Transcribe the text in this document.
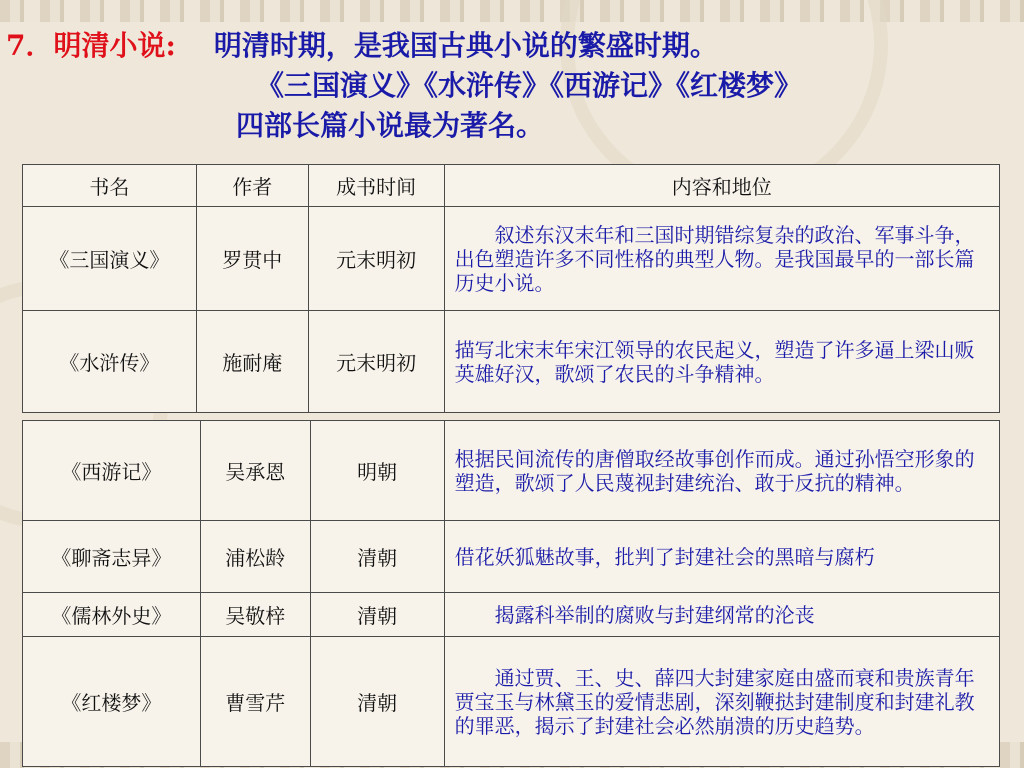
7．明清小说: 明清时期，是我国古典小说的繁盛时期。
《三国演义》《水浒传》《西游记》《红楼梦》
四部长篇小说最为著名。
书名	作者	成书时间	内容和地位
《三国演义》	罗贯中	元末明初	叙述东汉末年和三国时期错综复杂的政治、军事斗争，出色塑造许多不同性格的典型人物。是我国最早的一部长篇历史小说。
《水浒传》	施耐庵	元末明初	描写北宋末年宋江领导的农民起义，塑造了许多逼上梁山贩英雄好汉，歌颂了农民的斗争精神。
《西游记》	吴承恩	明朝	根据民间流传的唐僧取经故事创作而成。通过孙悟空形象的塑造，歌颂了人民蔑视封建统治、敢于反抗的精神。
《聊斋志异》	浦松龄	清朝	借花妖狐魅故事，批判了封建社会的黑暗与腐朽
《儒林外史》	吴敬梓	清朝	揭露科举制的腐败与封建纲常的沦丧
《红楼梦》	曹雪芹	清朝	通过贾、王、史、薛四大封建家庭由盛而衰和贵族青年贾宝玉与林黛玉的爱情悲剧，深刻鞭挞封建制度和封建礼教的罪恶，揭示了封建社会必然崩溃的历史趋势。
